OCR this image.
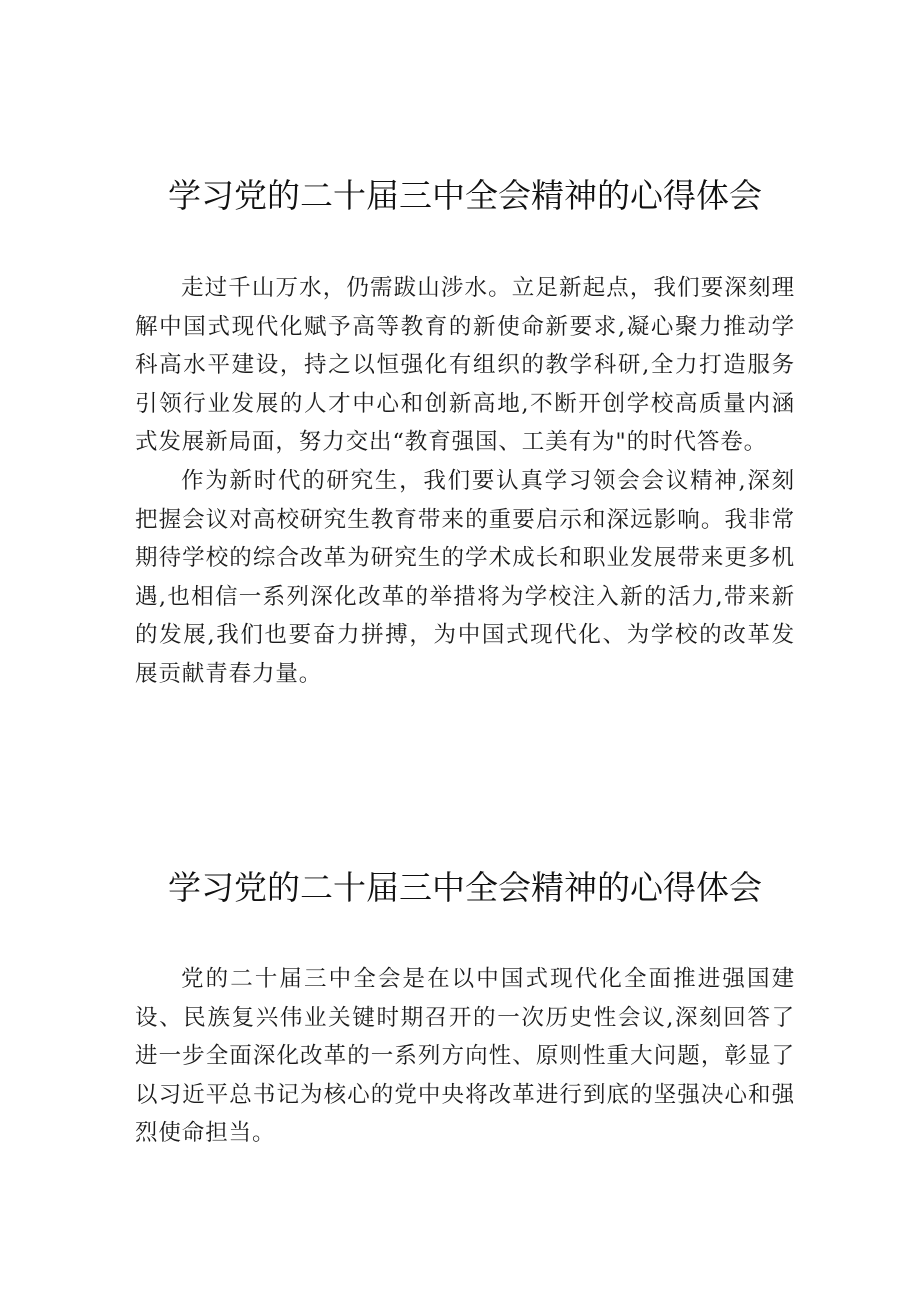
学习党的二十届三中全会精神的心得体会

走过千山万水，仍需跋山涉水。立足新起点，我们要深刻理解中国式现代化赋予高等教育的新使命新要求,凝心聚力推动学科高水平建设，持之以恒强化有组织的教学科研,全力打造服务引领行业发展的人才中心和创新高地,不断开创学校高质量内涵式发展新局面，努力交出“教育强国、工美有为"的时代答卷。

作为新时代的研究生，我们要认真学习领会会议精神,深刻把握会议对高校研究生教育带来的重要启示和深远影响。我非常期待学校的综合改革为研究生的学术成长和职业发展带来更多机遇,也相信一系列深化改革的举措将为学校注入新的活力,带来新的发展,我们也要奋力拼搏，为中国式现代化、为学校的改革发展贡献青春力量。

学习党的二十届三中全会精神的心得体会

党的二十届三中全会是在以中国式现代化全面推进强国建设、民族复兴伟业关键时期召开的一次历史性会议,深刻回答了进一步全面深化改革的一系列方向性、原则性重大问题，彰显了以习近平总书记为核心的党中央将改革进行到底的坚强决心和强烈使命担当。
